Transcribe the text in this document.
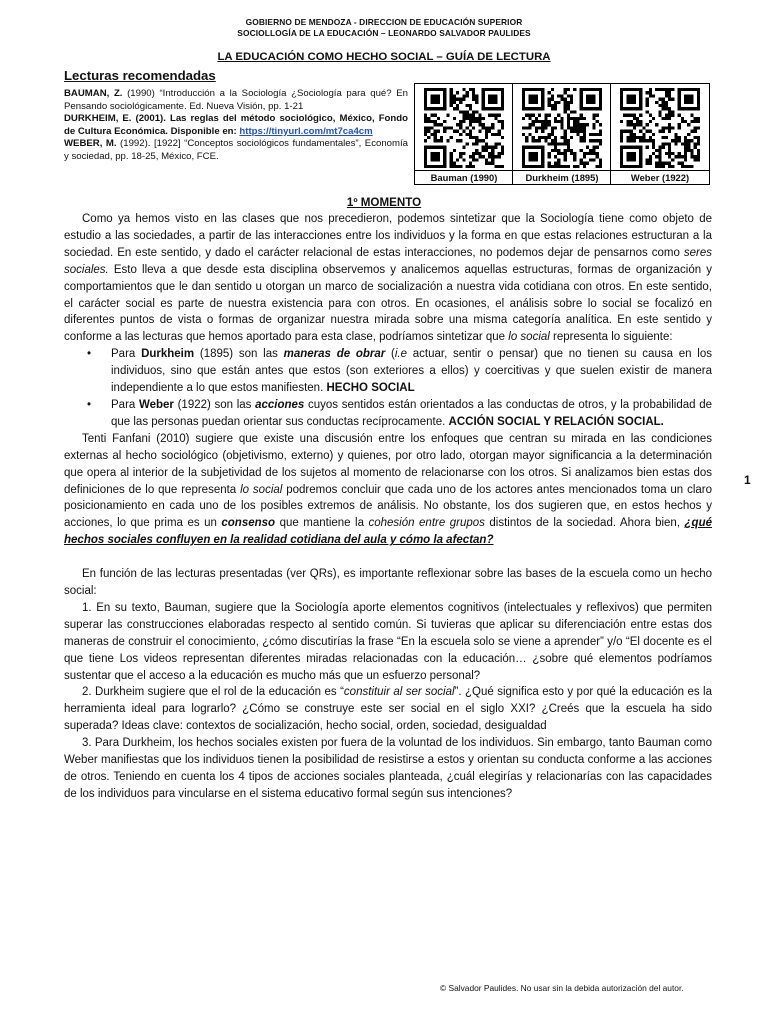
GOBIERNO DE MENDOZA - DIRECCION DE EDUCACIÓN SUPERIOR
SOCIOLLOGÍA DE LA EDUCACIÓN – LEONARDO SALVADOR PAULIDES
LA EDUCACIÓN COMO HECHO SOCIAL – GUÍA DE LECTURA
Lecturas recomendadas

BAUMAN, Z. (1990) “Introducción a la Sociología ¿Sociología para qué? En Pensando sociológicamente. Ed. Nueva Visión, pp. 1-21

DURKHEIM, E. (2001). Las reglas del método sociológico, México, Fondo de Cultura Económica. Disponible en: https://tinyurl.com/mt7ca4cm

WEBER, M. (1992). [1922] “Conceptos sociológicos fundamentales”, Economía y sociedad, pp. 18-25, México, FCE.

Bauman (1990)	Durkheim (1895)	Weber (1922)
1º MOMENTO

Como ya hemos visto en las clases que nos precedieron, podemos sintetizar que la Sociología tiene como objeto de estudio a las sociedades, a partir de las interacciones entre los individuos y la forma en que estas relaciones estructuran a la sociedad. En este sentido, y dado el carácter relacional de estas interacciones, no podemos dejar de pensarnos como seres sociales. Esto lleva a que desde esta disciplina observemos y analicemos aquellas estructuras, formas de organización y comportamientos que le dan sentido u otorgan un marco de socialización a nuestra vida cotidiana con otros. En este sentido, el carácter social es parte de nuestra existencia para con otros. En ocasiones, el análisis sobre lo social se focalizó en diferentes puntos de vista o formas de organizar nuestra mirada sobre una misma categoría analítica. En este sentido y conforme a las lecturas que hemos aportado para esta clase, podríamos sintetizar que lo social representa lo siguiente:

• Para Durkheim (1895) son las maneras de obrar (i.e actuar, sentir o pensar) que no tienen su causa en los individuos, sino que están antes que estos (son exteriores a ellos) y coercitivas y que suelen existir de manera independiente a lo que estos manifiesten. HECHO SOCIAL
• Para Weber (1922) son las acciones cuyos sentidos están orientados a las conductas de otros, y la probabilidad de que las personas puedan orientar sus conductas recíprocamente. ACCIÓN SOCIAL Y RELACIÓN SOCIAL.

Tenti Fanfani (2010) sugiere que existe una discusión entre los enfoques que centran su mirada en las condiciones externas al hecho sociológico (objetivismo, externo) y quienes, por otro lado, otorgan mayor significancia a la determinación que opera al interior de la subjetividad de los sujetos al momento de relacionarse con los otros. Si analizamos bien estas dos definiciones de lo que representa lo social podremos concluir que cada uno de los actores antes mencionados toma un claro posicionamiento en cada uno de los posibles extremos de análisis. No obstante, los dos sugieren que, en estos hechos y acciones, lo que prima es un consenso que mantiene la cohesión entre grupos distintos de la sociedad. Ahora bien, ¿qué hechos sociales confluyen en la realidad cotidiana del aula y cómo la afectan?

En función de las lecturas presentadas (ver QRs), es importante reflexionar sobre las bases de la escuela como un hecho social:

1. En su texto, Bauman, sugiere que la Sociología aporte elementos cognitivos (intelectuales y reflexivos) que permiten superar las construcciones elaboradas respecto al sentido común. Si tuvieras que aplicar su diferenciación entre estas dos maneras de construir el conocimiento, ¿cómo discutirías la frase “En la escuela solo se viene a aprender” y/o “El docente es el que tiene Los videos representan diferentes miradas relacionadas con la educación… ¿sobre qué elementos podríamos sustentar que el acceso a la educación es mucho más que un esfuerzo personal?

2. Durkheim sugiere que el rol de la educación es “constituir al ser social”. ¿Qué significa esto y por qué la educación es la herramienta ideal para lograrlo? ¿Cómo se construye este ser social en el siglo XXI? ¿Creés que la escuela ha sido superada? Ideas clave: contextos de socialización, hecho social, orden, sociedad, desigualdad

3. Para Durkheim, los hechos sociales existen por fuera de la voluntad de los individuos. Sin embargo, tanto Bauman como Weber manifiestas que los individuos tienen la posibilidad de resistirse a estos y orientan su conducta conforme a las acciones de otros. Teniendo en cuenta los 4 tipos de acciones sociales planteada, ¿cuál elegirías y relacionarías con las capacidades de los individuos para vincularse en el sistema educativo formal según sus intenciones?

1
© Salvador Paulides. No usar sin la debida autorización del autor.
